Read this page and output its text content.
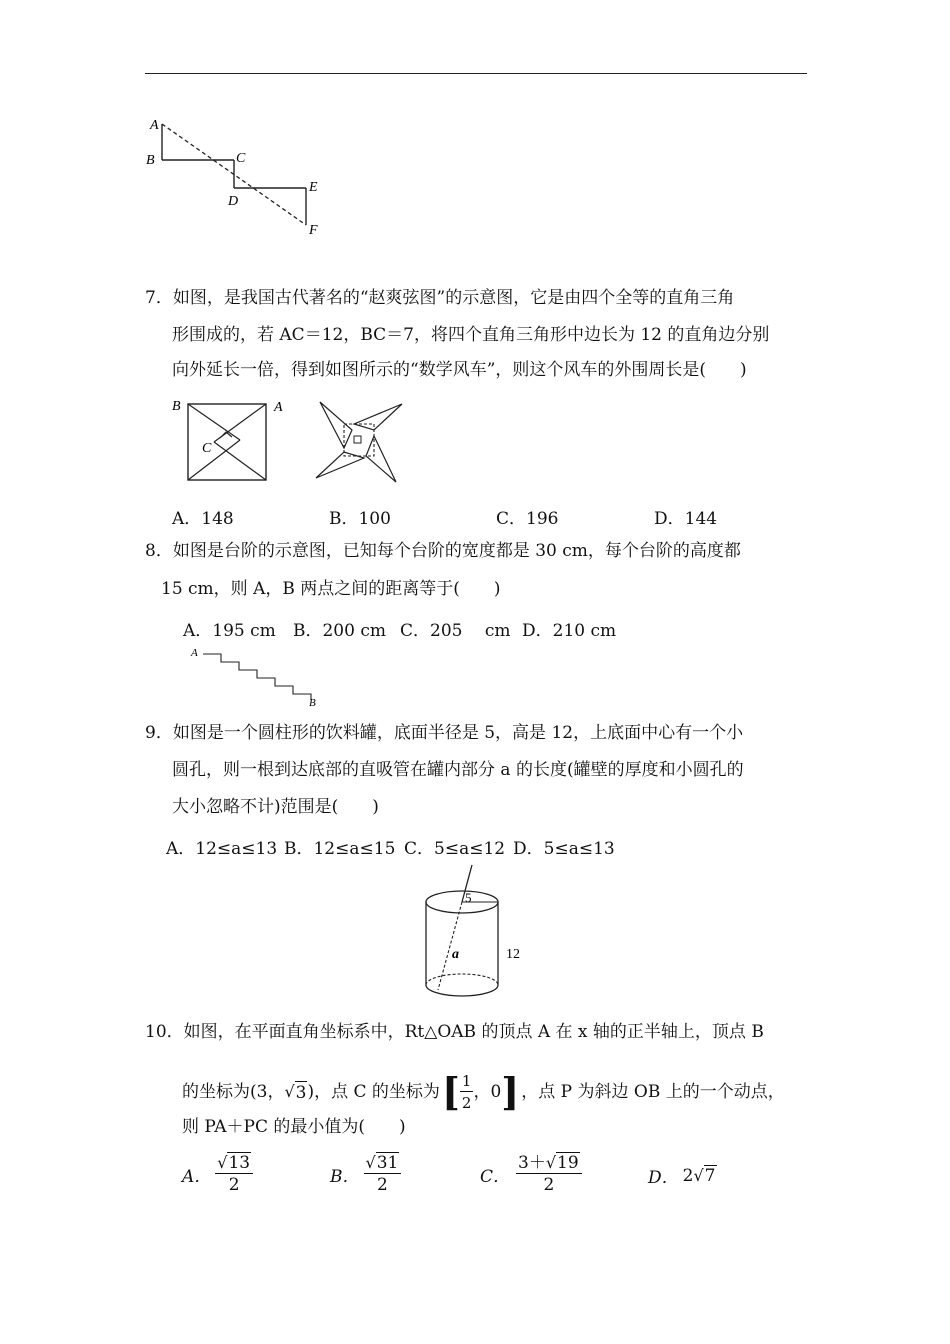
A
B	C
D
E
F
7．如图，是我国古代著名的“赵爽弦图”的示意图，它是由四个全等的直角三角
形围成的，若 AC＝12，BC＝7，将四个直角三角形中边长为 12 的直角边分别
向外延长一倍，得到如图所示的“数学风车”，则这个风车的外围周长是(　　)
B	A
C
A．148	B．100	C．196	D．144
8．如图是台阶的示意图，已知每个台阶的宽度都是 30 cm，每个台阶的高度都
15 cm，则 A，B 两点之间的距离等于(　　)
A．195 cm B．200 cm C．205　 cm D．210 cm
A
B
9．如图是一个圆柱形的饮料罐，底面半径是 5，高是 12，上底面中心有一个小
圆孔，则一根到达底部的直吸管在罐内部分 a 的长度(罐壁的厚度和小圆孔的
大小忽略不计)范围是(　　)
A．12≤a≤13 B．12≤a≤15 C．5≤a≤12 D．5≤a≤13
5
a	12
10．如图，在平面直角坐标系中，Rt△OAB 的顶点 A 在 x 轴的正半轴上，顶点 B
的坐标为(3， √ 3 )，点 C 的坐标为 [ $\frac{1}{2}$ ， 0 ] ，点 P 为斜边 OB 上的一个动点，
则 PA＋PC 的最小值为(　　)
A． $\frac{√13}{2}$	B． $\frac{√31}{2}$	C． $\frac{3+√19}{2}$	D． 2 √ 7
